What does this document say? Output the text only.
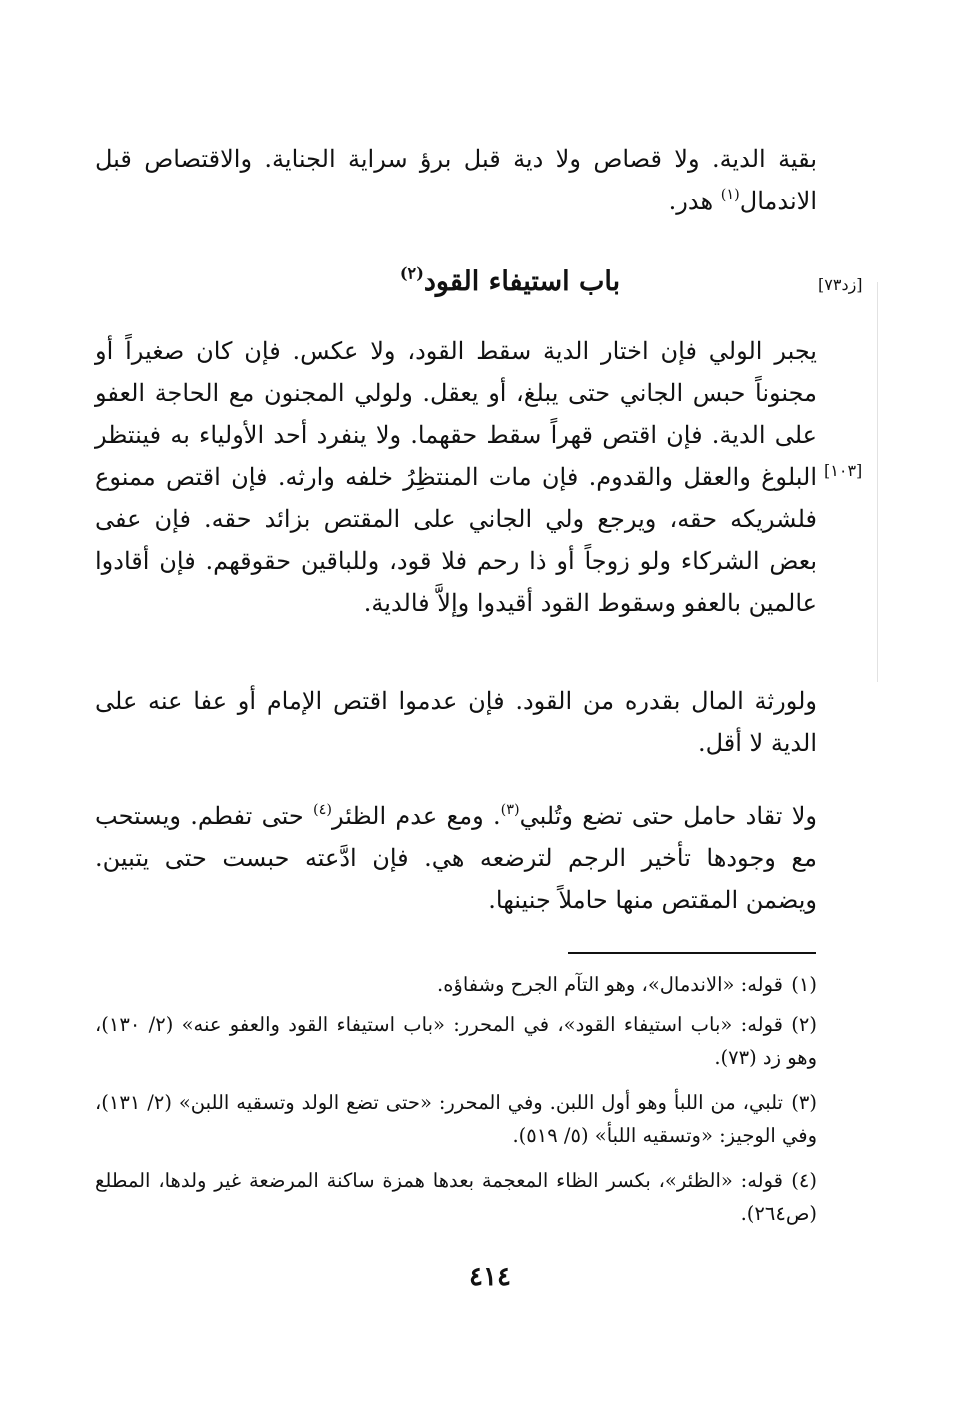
بقية الدية. ولا قصاص ولا دية قبل برؤ سراية الجناية. والاقتصاص قبل الاندمال$^{(١)}$ هدر.
[زد٧٣]
باب استيفاء القود$^{(٢)}$
يجبر الولي فإن اختار الدية سقط القود، ولا عكس. فإن كان صغيراً أو مجنوناً حبس الجاني حتى يبلغ، أو يعقل. ولولي المجنون مع الحاجة العفو على الدية. فإن اقتص قهراً سقط حقهما. ولا ينفرد أحد الأولياء به فينتظر البلوغ والعقل والقدوم. فإن مات المنتظِرُ خلفه وارثه. فإن اقتص ممنوع فلشريكه حقه، ويرجع ولي الجاني على المقتص بزائد حقه. فإن عفى بعض الشركاء ولو زوجاً أو ذا رحم فلا قود، وللباقين حقوقهم. فإن أقادوا عالمين بالعفو وسقوط القود أقيدوا وإلاَّ فالدية.
[١٠٣]
ولورثة المال بقدره من القود. فإن عدموا اقتص الإمام أو عفا عنه على الدية لا أقل.
ولا تقاد حامل حتى تضع وتُلبي$^{(٣)}$. ومع عدم الظئر$^{(٤)}$ حتى تفطم. ويستحب مع وجودها تأخير الرجم لترضعه هي. فإن ادَّعته حبست حتى يتبين. ويضمن المقتص منها حاملاً جنينها.
(١)قوله: «الاندمال»، وهو التآم الجرح وشفاؤه.
(٢)قوله: «باب استيفاء القود»، في المحرر: «باب استيفاء القود والعفو عنه» (٢/ ١٣٠)، وهو زد (٧٣).
(٣)تلبي، من اللبأ وهو أول اللبن. وفي المحرر: «حتى تضع الولد وتسقيه اللبن» (٢/ ١٣١)، وفي الوجيز: «وتسقيه اللبأ» (٥/ ٥١٩).
(٤)قوله: «الظئر»، بكسر الظاء المعجمة بعدها همزة ساكنة المرضعة غير ولدها، المطلع (ص٢٦٤).
٤١٤
